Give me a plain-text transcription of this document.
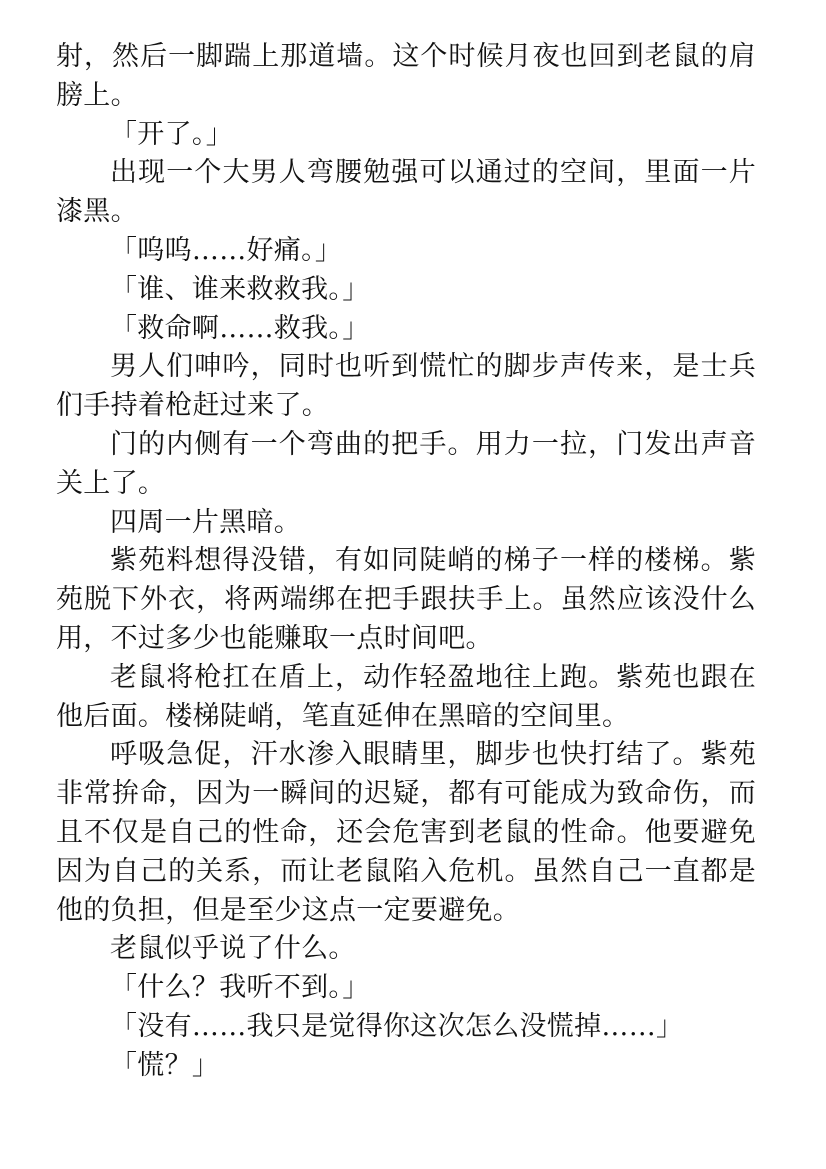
射，然后一脚踹上那道墙。这个时候月夜也回到老鼠的肩膀上。

「开了。」

出现一个大男人弯腰勉强可以通过的空间，里面一片漆黑。

「呜呜……好痛。」

「谁、谁来救救我。」

「救命啊……救我。」

男人们呻吟，同时也听到慌忙的脚步声传来，是士兵们手持着枪赶过来了。

门的内侧有一个弯曲的把手。用力一拉，门发出声音关上了。

四周一片黑暗。

紫苑料想得没错，有如同陡峭的梯子一样的楼梯。紫苑脱下外衣，将两端绑在把手跟扶手上。虽然应该没什么用，不过多少也能赚取一点时间吧。

老鼠将枪扛在盾上，动作轻盈地往上跑。紫苑也跟在他后面。楼梯陡峭，笔直延伸在黑暗的空间里。

呼吸急促，汗水渗入眼睛里，脚步也快打结了。紫苑非常拚命，因为一瞬间的迟疑，都有可能成为致命伤，而且不仅是自己的性命，还会危害到老鼠的性命。他要避免因为自己的关系，而让老鼠陷入危机。虽然自己一直都是他的负担，但是至少这点一定要避免。

老鼠似乎说了什么。

「什么？我听不到。」

「没有……我只是觉得你这次怎么没慌掉……」

「慌？」
